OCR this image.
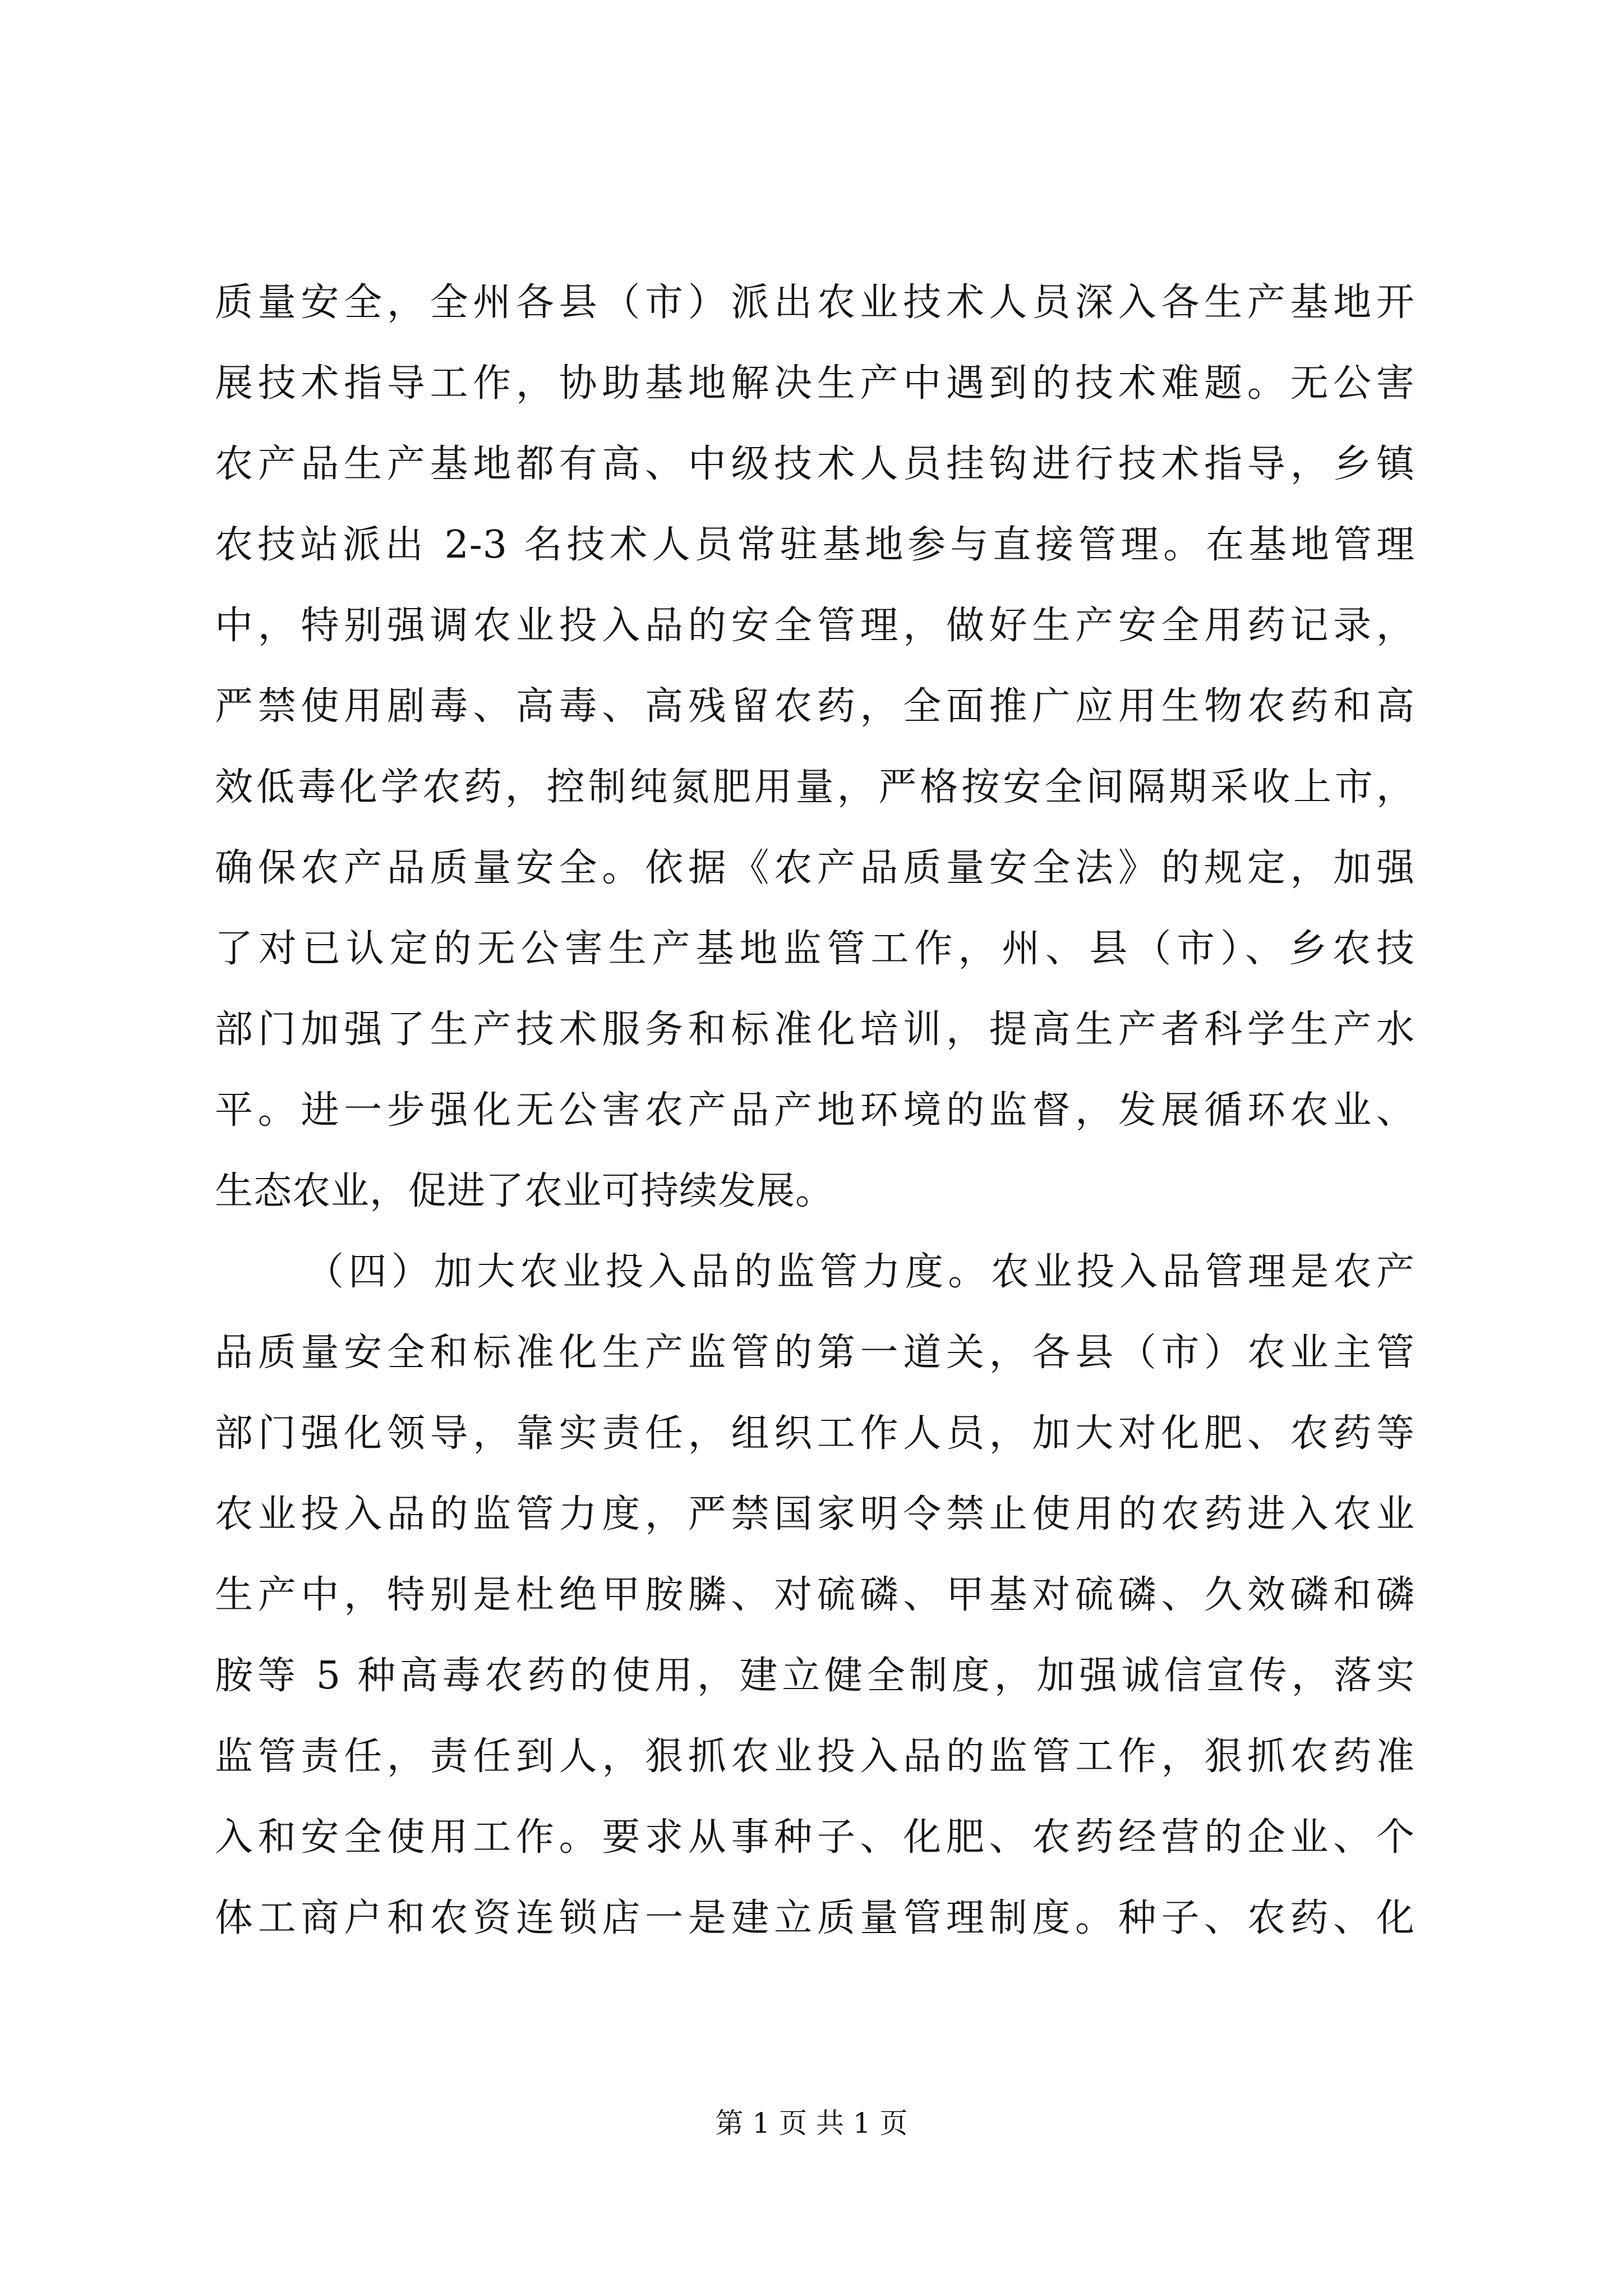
质量安全，全州各县（市）派出农业技术人员深入各生产基地开
展技术指导工作，协助基地解决生产中遇到的技术难题。无公害
农产品生产基地都有高、中级技术人员挂钩进行技术指导，乡镇
农技站派出 2-3 名技术人员常驻基地参与直接管理。在基地管理
中，特别强调农业投入品的安全管理，做好生产安全用药记录，
严禁使用剧毒、高毒、高残留农药，全面推广应用生物农药和高
效低毒化学农药，控制纯氮肥用量，严格按安全间隔期采收上市，
确保农产品质量安全。依据《农产品质量安全法》的规定，加强
了对已认定的无公害生产基地监管工作，州、县（市）、乡农技
部门加强了生产技术服务和标准化培训，提高生产者科学生产水
平。进一步强化无公害农产品产地环境的监督，发展循环农业、
生态农业，促进了农业可持续发展。
（四）加大农业投入品的监管力度。农业投入品管理是农产
品质量安全和标准化生产监管的第一道关，各县（市）农业主管
部门强化领导，靠实责任，组织工作人员，加大对化肥、农药等
农业投入品的监管力度，严禁国家明令禁止使用的农药进入农业
生产中，特别是杜绝甲胺膦、对硫磷、甲基对硫磷、久效磷和磷
胺等 5 种高毒农药的使用，建立健全制度，加强诚信宣传，落实
监管责任，责任到人，狠抓农业投入品的监管工作，狠抓农药准
入和安全使用工作。要求从事种子、化肥、农药经营的企业、个
体工商户和农资连锁店一是建立质量管理制度。种子、农药、化
第 1 页 共 1 页
